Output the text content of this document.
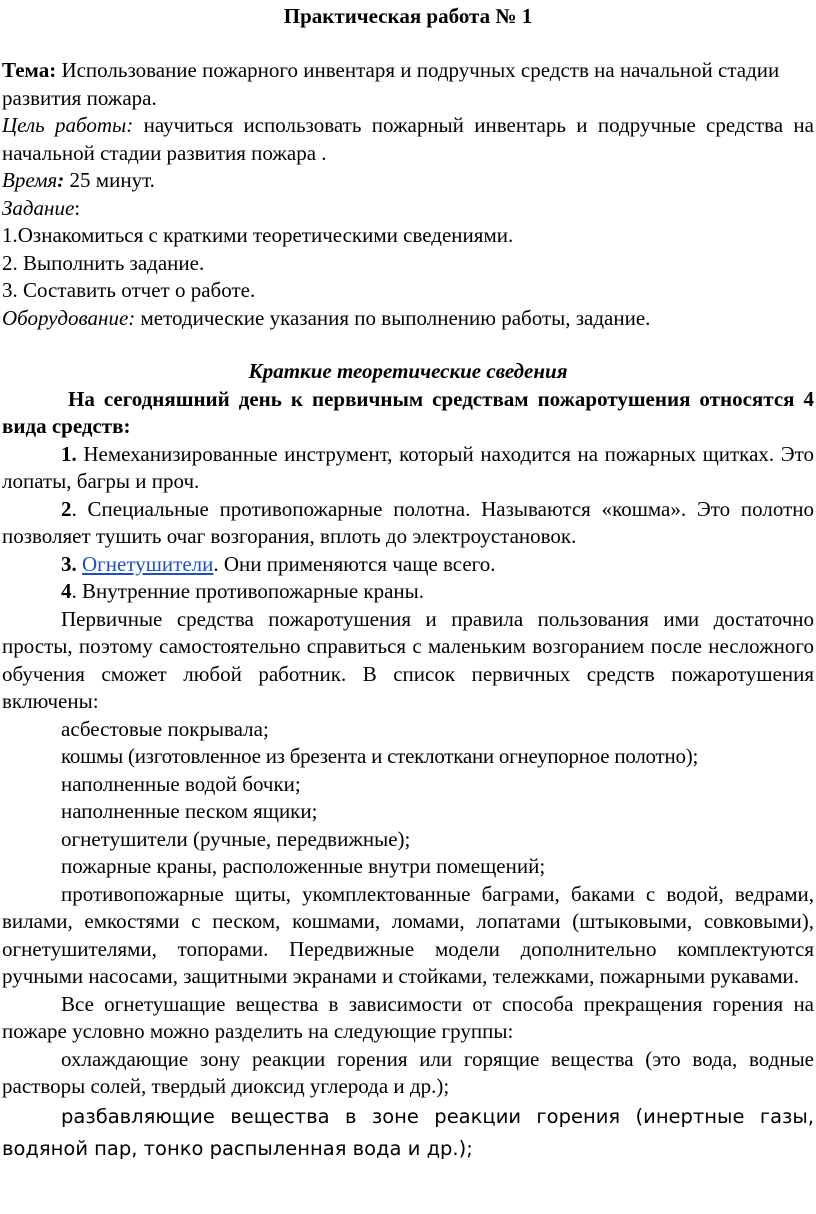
Практическая работа № 1

Тема: Использование пожарного инвентаря и подручных средств на начальной стадии развития пожара.

Цель работы: научиться использовать пожарный инвентарь и подручные средства на начальной стадии развития пожара .

Время: 25 минут.

Задание:

1.Ознакомиться с краткими теоретическими сведениями.

2. Выполнить задание.

3. Составить отчет о работе.

Оборудование: методические указания по выполнению работы, задание.

Краткие теоретические сведения

На сегодняшний день к первичным средствам пожаротушения относятся 4 вида средств:

1. Немеханизированные инструмент, который находится на пожарных щитках. Это лопаты, багры и проч.

2. Специальные противопожарные полотна. Называются «кошма». Это полотно позволяет тушить очаг возгорания, вплоть до электроустановок.

3. Огнетушители. Они применяются чаще всего.

4. Внутренние противопожарные краны.

Первичные средства пожаротушения и правила пользования ими достаточно просты, поэтому самостоятельно справиться с маленьким возгоранием после несложного обучения сможет любой работник. В список первичных средств пожаротушения включены:

асбестовые покрывала;

кошмы (изготовленное из брезента и стеклоткани огнеупорное полотно);

наполненные водой бочки;

наполненные песком ящики;

огнетушители (ручные, передвижные);

пожарные краны, расположенные внутри помещений;

противопожарные щиты, укомплектованные баграми, баками с водой, ведрами, вилами, емкостями с песком, кошмами, ломами, лопатами (штыковыми, совковыми), огнетушителями, топорами. Передвижные модели дополнительно комплектуются ручными насосами, защитными экранами и стойками, тележками, пожарными рукавами.

Все огнетушащие вещества в зависимости от способа прекращения горения на пожаре условно можно разделить на следующие группы:

охлаждающие зону реакции горения или горящие вещества (это вода, водные растворы солей, твердый диоксид углерода и др.);

разбавляющие вещества в зоне реакции горения (инертные газы, водяной пар, тонко распыленная вода и др.);
